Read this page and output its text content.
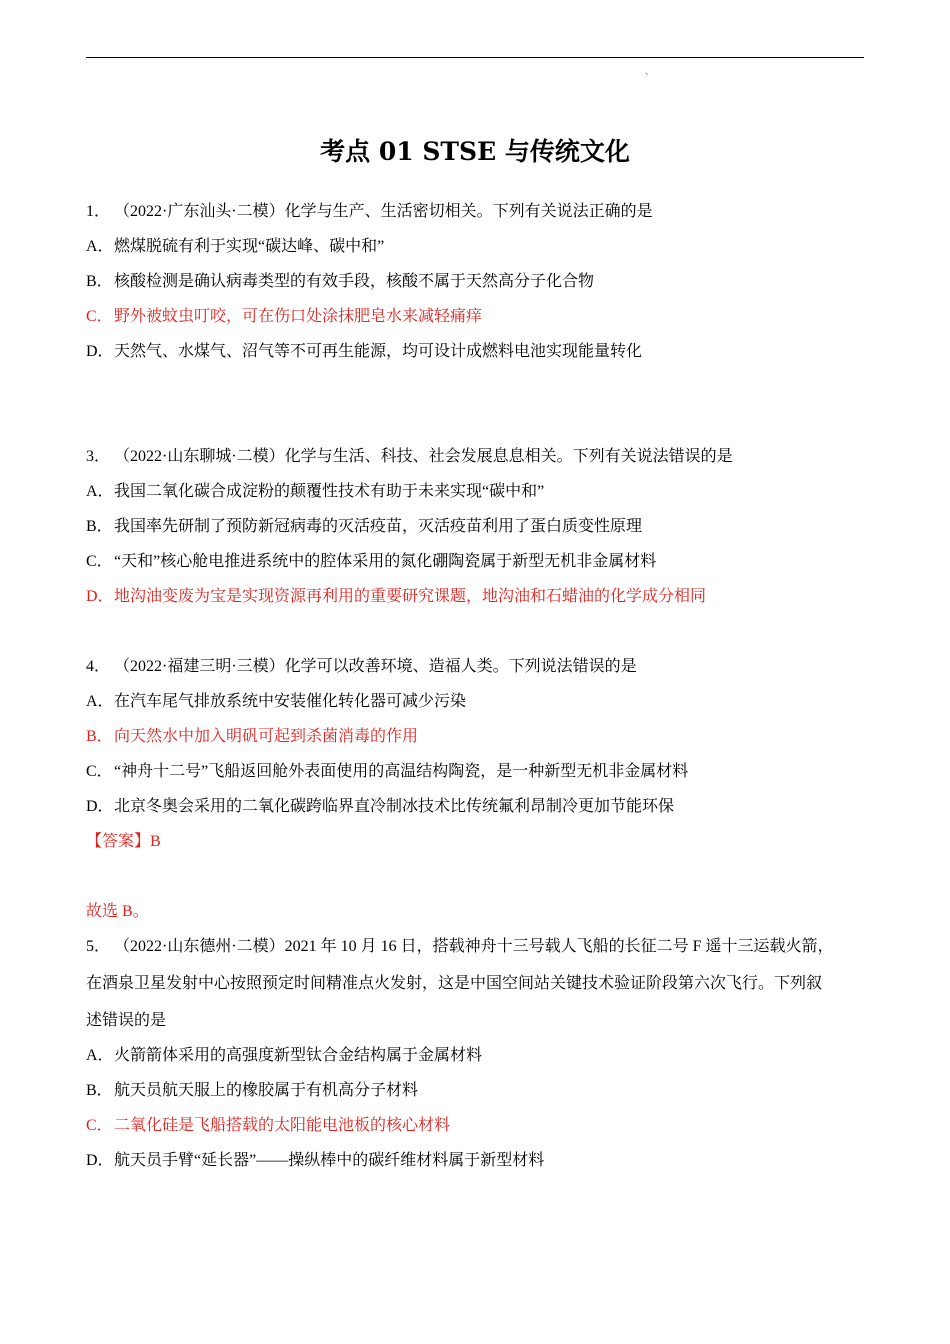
、
考点 01 STSE 与传统文化
1． （2022·广东汕头·二模）化学与生产、生活密切相关。下列有关说法正确的是
A．燃煤脱硫有利于实现“碳达峰、碳中和”
B．核酸检测是确认病毒类型的有效手段，核酸不属于天然高分子化合物
C．野外被蚊虫叮咬，可在伤口处涂抹肥皂水来减轻痛痒
D．天然气、水煤气、沼气等不可再生能源，均可设计成燃料电池实现能量转化
3． （2022·山东聊城·二模）化学与生活、科技、社会发展息息相关。下列有关说法错误的是
A．我国二氧化碳合成淀粉的颠覆性技术有助于未来实现“碳中和”
B．我国率先研制了预防新冠病毒的灭活疫苗，灭活疫苗利用了蛋白质变性原理
C．“天和”核心舱电推进系统中的腔体采用的氮化硼陶瓷属于新型无机非金属材料
D．地沟油变废为宝是实现资源再利用的重要研究课题，地沟油和石蜡油的化学成分相同
4． （2022·福建三明·三模）化学可以改善环境、造福人类。下列说法错误的是
A．在汽车尾气排放系统中安装催化转化器可减少污染
B．向天然水中加入明矾可起到杀菌消毒的作用
C．“神舟十二号”飞船返回舱外表面使用的高温结构陶瓷，是一种新型无机非金属材料
D．北京冬奥会采用的二氧化碳跨临界直冷制冰技术比传统氟利昂制冷更加节能环保
【答案】B
故选 B。
5． （2022·山东德州·二模）2021 年 10 月 16 日，搭载神舟十三号载人飞船的长征二号 F 遥十三运载火箭，
在酒泉卫星发射中心按照预定时间精准点火发射，这是中国空间站关键技术验证阶段第六次飞行。下列叙
述错误的是
A．火箭箭体采用的高强度新型钛合金结构属于金属材料
B．航天员航天服上的橡胶属于有机高分子材料
C．二氧化硅是飞船搭载的太阳能电池板的核心材料
D．航天员手臂“延长器”——操纵棒中的碳纤维材料属于新型材料
